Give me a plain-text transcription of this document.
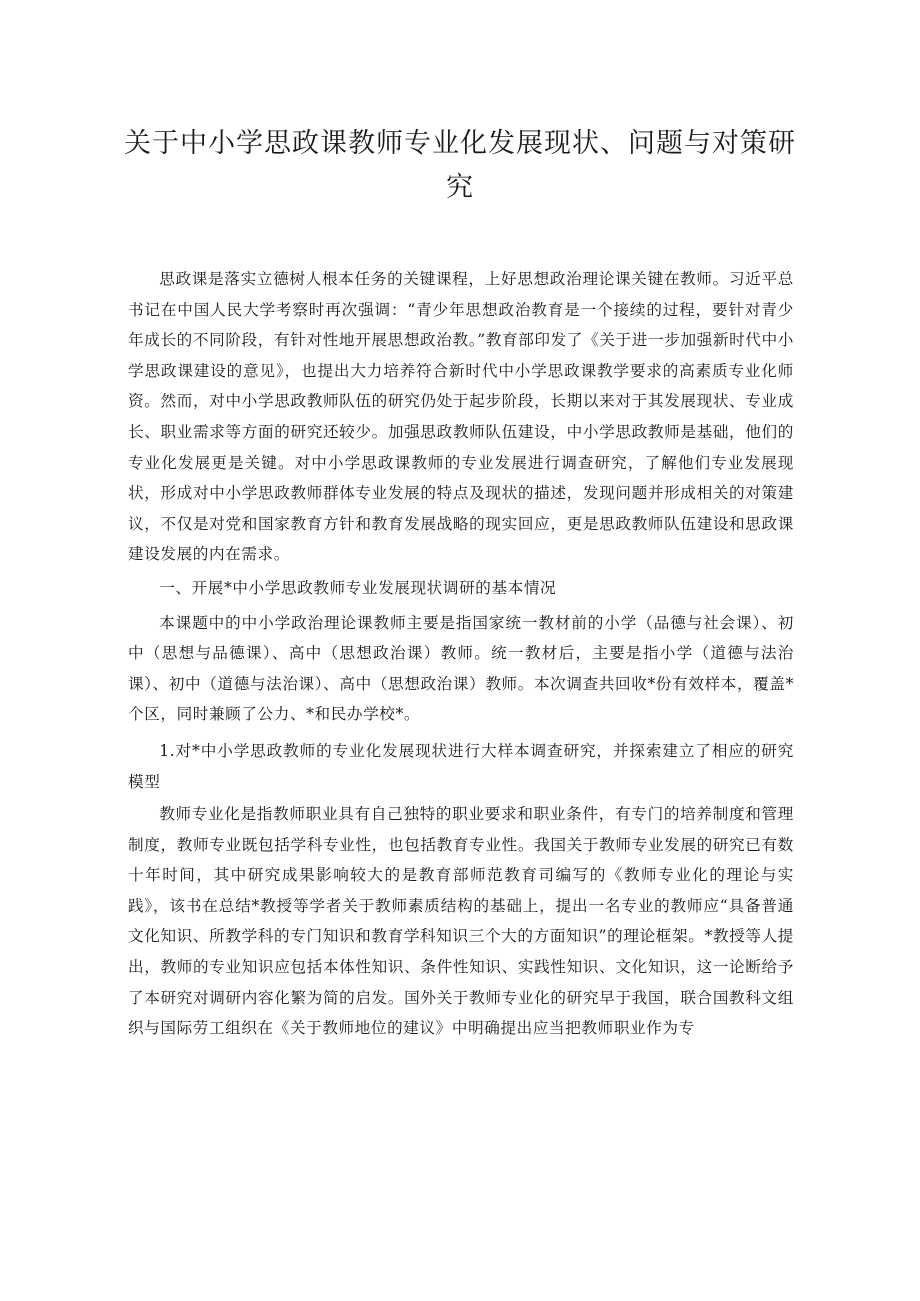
关于中小学思政课教师专业化发展现状、问题与对策研究

思政课是落实立德树人根本任务的关键课程，上好思想政治理论课关键在教师。习近平总书记在中国人民大学考察时再次强调：“青少年思想政治教育是一个接续的过程，要针对青少年成长的不同阶段，有针对性地开展思想政治教。”教育部印发了《关于进一步加强新时代中小学思政课建设的意见》，也提出大力培养符合新时代中小学思政课教学要求的高素质专业化师资。然而，对中小学思政教师队伍的研究仍处于起步阶段，长期以来对于其发展现状、专业成长、职业需求等方面的研究还较少。加强思政教师队伍建设，中小学思政教师是基础，他们的专业化发展更是关键。对中小学思政课教师的专业发展进行调查研究，了解他们专业发展现状，形成对中小学思政教师群体专业发展的特点及现状的描述，发现问题并形成相关的对策建议，不仅是对党和国家教育方针和教育发展战略的现实回应，更是思政教师队伍建设和思政课建设发展的内在需求。

一、开展*中小学思政教师专业发展现状调研的基本情况

本课题中的中小学政治理论课教师主要是指国家统一教材前的小学（品德与社会课）、初中（思想与品德课）、高中（思想政治课）教师。统一教材后，主要是指小学（道德与法治课）、初中（道德与法治课）、高中（思想政治课）教师。本次调查共回收*份有效样本，覆盖*个区，同时兼顾了公力、*和民办学校*。

1.对*中小学思政教师的专业化发展现状进行大样本调查研究，并探索建立了相应的研究模型

教师专业化是指教师职业具有自己独特的职业要求和职业条件，有专门的培养制度和管理制度，教师专业既包括学科专业性，也包括教育专业性。我国关于教师专业发展的研究已有数十年时间，其中研究成果影响较大的是教育部师范教育司编写的《教师专业化的理论与实践》，该书在总结*教授等学者关于教师素质结构的基础上，提出一名专业的教师应“具备普通文化知识、所教学科的专门知识和教育学科知识三个大的方面知识”的理论框架。*教授等人提出，教师的专业知识应包括本体性知识、条件性知识、实践性知识、文化知识，这一论断给予了本研究对调研内容化繁为简的启发。国外关于教师专业化的研究早于我国，联合国教科文组织与国际劳工组织在《关于教师地位的建议》中明确提出应当把教师职业作为专
